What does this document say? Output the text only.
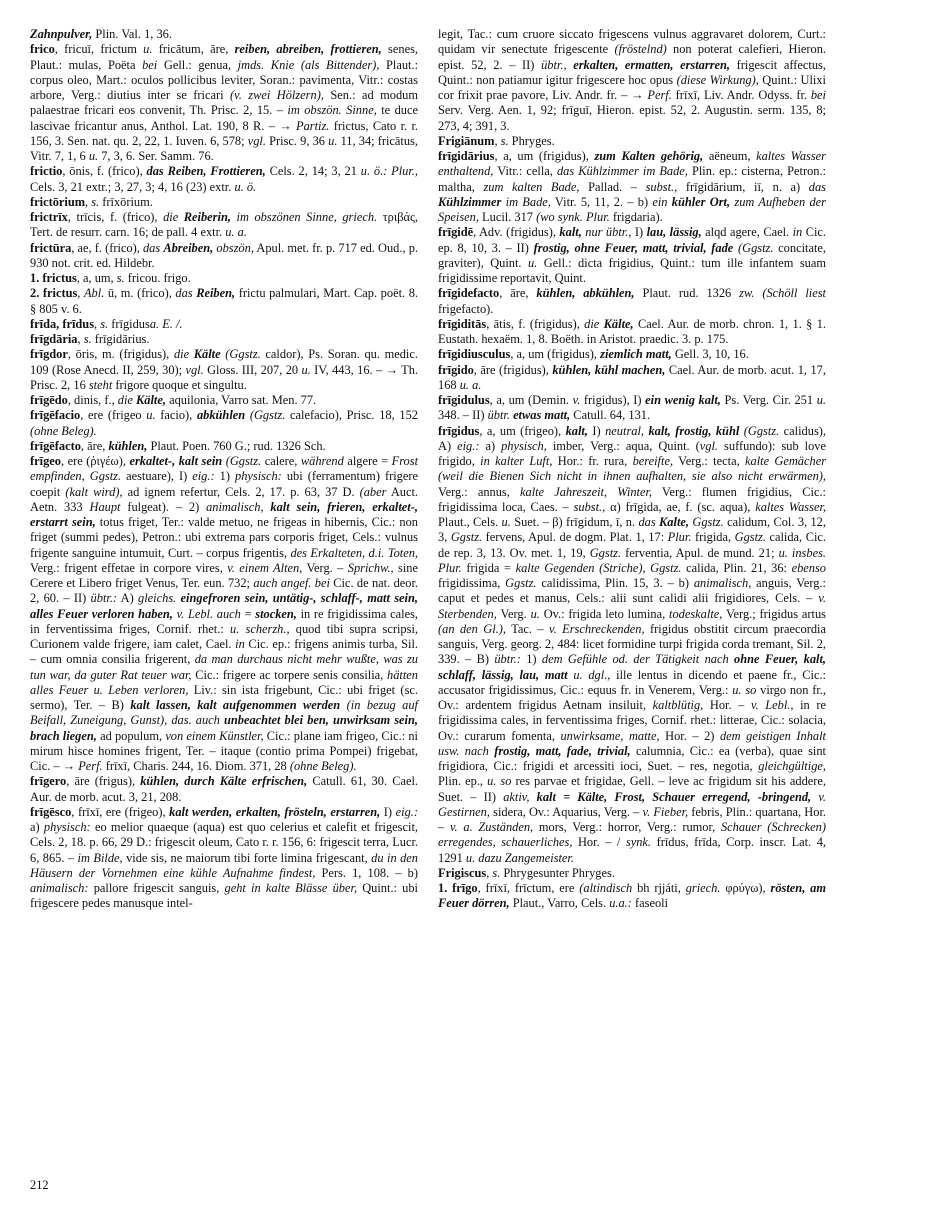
Zahnpulver, Plin. Val. 1, 36.

frico, fricuī, frictum u. fricātum, āre, reiben, abreiben, frottieren, senes, Plaut.: mulas, Poëta bei Gell.: genua, jmds. Knie (als Bittender), Plaut.: corpus oleo, Mart.: oculos pollicibus leviter, Soran.: pavimenta, Vitr.: costas arbore, Verg.: diutius inter se fricari (v. zwei Hölzern), Sen.: ad modum palaestrae fricari eos convenit, Th. Prisc. 2, 15. – im obszön. Sinne, te duce lascivae fricantur anus, Anthol. Lat. 190, 8 R. – → Partiz. frictus, Cato r. r. 156, 3. Sen. nat. qu. 2, 22, 1. Iuven. 6, 578; vgl. Prisc. 9, 36 u. 11, 34; fricātus, Vitr. 7, 1, 6 u. 7, 3, 6. Ser. Samm. 76.

frictio, ōnis, f. (frico), das Reiben, Frottieren, Cels. 2, 14; 3, 21 u. ö.: Plur., Cels. 3, 21 extr.; 3, 27, 3; 4, 16 (23) extr. u. ö.

frictōrium, s. frīxōrium.

frictrīx, trīcis, f. (frico), die Reiberin, im obszönen Sinne, griech. τριβάς, Tert. de resurr. carn. 16; de pall. 4 extr. u. a.

frictūra, ae, f. (frico), das Abreiben, obszön, Apul. met. fr. p. 717 ed. Oud., p. 930 not. crit. ed. Hildebr.

1. frictus, a, um, s. fricou. frigo.

2. frictus, Abl. ū, m. (frico), das Reiben, frictu palmulari, Mart. Cap. poët. 8. § 805 v. 6.

frīda, frīdus, s. frīgidusa. E. /.

frīgdāria, s. frīgidārius.

frīgdor, ōris, m. (frigidus), die Kälte (Ggstz. caldor), Ps. Soran. qu. medic. 109 (Rose Anecd. II, 259, 30); vgl. Gloss. III, 207, 20 u. IV, 443, 16. – → Th. Prisc. 2, 16 steht frigore quoque et singultu.

frīgēdo, dinis, f., die Kälte, aquilonia, Varro sat. Men. 77.

frīgēfacio, ere (frigeo u. facio), abkühlen (Ggstz. calefacio), Prisc. 18, 152 (ohne Beleg).

frīgēfacto, āre, kühlen, Plaut. Poen. 760 G.; rud. 1326 Sch.

frīgeo, ere (ῥιγέω), erkaltet-, kalt sein (Ggstz. calere, während algere = Frost empfinden, Ggstz. aestuare), I) eig.: 1) physisch: ubi (ferramentum) frigere coepit (kalt wird), ad ignem refertur, Cels. 2, 17. p. 63, 37 D. (aber Auct. Aetn. 333 Haupt fulgeat). – 2) animalisch, kalt sein, frieren, erkaltet-, erstarrt sein, totus friget, Ter.: valde metuo, ne frigeas in hibernis, Cic.: non friget (summi pedes), Petron.: ubi extrema pars corporis friget, Cels.: vulnus frigente sanguine intumuit, Curt. – corpus frigentis, des Erkalteten, d.i. Toten, Verg.: frigent effetae in corpore vires, v. einem Alten, Verg. – Sprichw., sine Cerere et Libero friget Venus, Ter. eun. 732; auch angef. bei Cic. de nat. deor. 2, 60. – II) übtr.: A) gleichs. eingefroren sein, untätig-, schlaff-, matt sein, alles Feuer verloren haben, v. Lebl. auch = stocken, in re frigidissima cales, in ferventissima friges, Cornif. rhet.: u. scherzh., quod tibi supra scripsi, Curionem valde frigere, iam calet, Cael. in Cic. ep.: frigens animis turba, Sil. – cum omnia consilia frigerent, da man durchaus nicht mehr wußte, was zu tun war, da guter Rat teuer war, Cic.: frigere ac torpere senis consilia, hätten alles Feuer u. Leben verloren, Liv.: sin ista frigebunt, Cic.: ubi friget (sc. sermo), Ter. – B) kalt lassen, kalt aufgenommen werden (in bezug auf Beifall, Zuneigung, Gunst), das. auch unbeachtet blei ben, unwirksam sein, brach liegen, ad populum, von einem Künstler, Cic.: plane iam frigeo, Cic.: ni mirum hisce homines frigent, Ter. – itaque (contio prima Pompei) frigebat, Cic. – → Perf. frīxī, Charis. 244, 16. Diom. 371, 28 (ohne Beleg).

frīgero, āre (frigus), kühlen, durch Kälte erfrischen, Catull. 61, 30. Cael. Aur. de morb. acut. 3, 21, 208.

frīgēsco, frīxī, ere (frigeo), kalt werden, erkalten, frösteln, erstarren, I) eig.: a) physisch: eo melior quaeque (aqua) est quo celerius et calefit et frigescit, Cels. 2, 18. p. 66, 29 D.: frigescit oleum, Cato r. r. 156, 6: frigescit terra, Lucr. 6, 865. – im Bilde, vide sis, ne maiorum tibi forte limina frigescant, du in den Häusern der Vornehmen eine kühle Aufnahme findest, Pers. 1, 108. – b) animalisch: pallore frigescit sanguis, geht in kalte Blässe über, Quint.: ubi frigescere pedes manusque intel-

legit, Tac.: cum cruore siccato frigescens vulnus aggravaret dolorem, Curt.: quidam vir senectute frigescente (fröstelnd) non poterat calefieri, Hieron. epist. 52, 2. – II) übtr., erkalten, ermatten, erstarren, frigescit affectus, Quint.: non patiamur igitur frigescere hoc opus (diese Wirkung), Quint.: Ulixi cor frixit prae pavore, Liv. Andr. fr. – → Perf. frīxī, Liv. Andr. Odyss. fr. bei Serv. Verg. Aen. 1, 92; frīguī, Hieron. epist. 52, 2. Augustin. serm. 135, 8; 273, 4; 391, 3.

Frigiānum, s. Phryges.

frīgidārius, a, um (frigidus), zum Kalten gehörig, aëneum, kaltes Wasser enthaltend, Vitr.: cella, das Kühlzimmer im Bade, Plin. ep.: cisterna, Petron.: maltha, zum kalten Bade, Pallad. – subst., frīgidārium, iī, n. a) das Kühlzimmer im Bade, Vitr. 5, 11, 2. – b) ein kühler Ort, zum Aufheben der Speisen, Lucil. 317 (wo synk. Plur. frigdaria).

frīgidē, Adv. (frigidus), kalt, nur übtr., I) lau, lässig, alqd agere, Cael. in Cic. ep. 8, 10, 3. – II) frostig, ohne Feuer, matt, trivial, fade (Ggstz. concitate, graviter), Quint. u. Gell.: dicta frigidius, Quint.: tum ille infantem suam frigidissime reportavit, Quint.

frīgidefacto, āre, kühlen, abkühlen, Plaut. rud. 1326 zw. (Schöll liest frigefacto).

frīgiditās, ātis, f. (frigidus), die Kälte, Cael. Aur. de morb. chron. 1, 1. § 1. Eustath. hexaëm. 1, 8. Boëth. in Aristot. praedic. 3. p. 175.

frīgidiusculus, a, um (frigidus), ziemlich matt, Gell. 3, 10, 16.

frīgido, āre (frigidus), kühlen, kühl machen, Cael. Aur. de morb. acut. 1, 17, 168 u. a.

frīgidulus, a, um (Demin. v. frigidus), I) ein wenig kalt, Ps. Verg. Cir. 251 u. 348. – II) übtr. etwas matt, Catull. 64, 131.

frīgidus, a, um (frigeo), kalt, I) neutral, kalt, frostig, kühl (Ggstz. calidus), A) eig.: a) physisch, imber, Verg.: aqua, Quint. (vgl. suffundo): sub love frigido, in kalter Luft, Hor.: fr. rura, bereifte, Verg.: tecta, kalte Gemächer (weil die Bienen Sich nicht in ihnen aufhalten, sie also nicht erwärmen), Verg.: annus, kalte Jahreszeit, Winter, Verg.: flumen frigidius, Cic.: frigidissima loca, Caes. – subst., α) frīgida, ae, f. (sc. aqua), kaltes Wasser, Plaut., Cels. u. Suet. – β) frīgidum, ī, n. das Kalte, Ggstz. calidum, Col. 3, 12, 3, Ggstz. fervens, Apul. de dogm. Plat. 1, 17: Plur. frigida, Ggstz. calida, Cic. de rep. 3, 13. Ov. met. 1, 19, Ggstz. ferventia, Apul. de mund. 21; u. insbes. Plur. frigida = kalte Gegenden (Striche), Ggstz. calida, Plin. 21, 36: ebenso frigidissima, Ggstz. calidissima, Plin. 15, 3. – b) animalisch, anguis, Verg.: caput et pedes et manus, Cels.: alii sunt calidi alii frigidiores, Cels. – v. Sterbenden, Verg. u. Ov.: frigida leto lumina, todeskalte, Verg.; frigidus artus (an den Gl.), Tac. – v. Erschreckenden, frigidus obstitit circum praecordia sanguis, Verg. georg. 2, 484: licet formidine turpi frigida corda tremant, Sil. 2, 339. – B) übtr.: 1) dem Gefühle od. der Tätigkeit nach ohne Feuer, kalt, schlaff, lässig, lau, matt u. dgl., ille lentus in dicendo et paene fr., Cic.: accusator frigidissimus, Cic.: equus fr. in Venerem, Verg.: u. so virgo non fr., Ov.: ardentem frigidus Aetnam insiluit, kaltblütig, Hor. – v. Lebl., in re frigidissima cales, in ferventissima friges, Cornif. rhet.: litterae, Cic.: solacia, Ov.: curarum fomenta, unwirksame, matte, Hor. – 2) dem geistigen Inhalt usw. nach frostig, matt, fade, trivial, calumnia, Cic.: ea (verba), quae sint frigidiora, Cic.: frigidi et arcessiti ioci, Suet. – res, negotia, gleichgültige, Plin. ep., u. so res parvae et frigidae, Gell. – leve ac frigidum sit his addere, Suet. – II) aktiv, kalt = Kälte, Frost, Schauer erregend, -bringend, v. Gestirnen, sidera, Ov.: Aquarius, Verg. – v. Fieber, febris, Plin.: quartana, Hor. – v. a. Zuständen, mors, Verg.: horror, Verg.: rumor, Schauer (Schrecken) erregendes, schauerliches, Hor. – / synk. frīdus, frīda, Corp. inscr. Lat. 4, 1291 u. dazu Zangemeister.

Frigiscus, s. Phrygesunter Phryges.

1. frīgo, frīxī, frīctum, ere (altindisch bh rjjáti, griech. φρύγω), rösten, am Feuer dörren, Plaut., Varro, Cels. u.a.: faseoli

212
